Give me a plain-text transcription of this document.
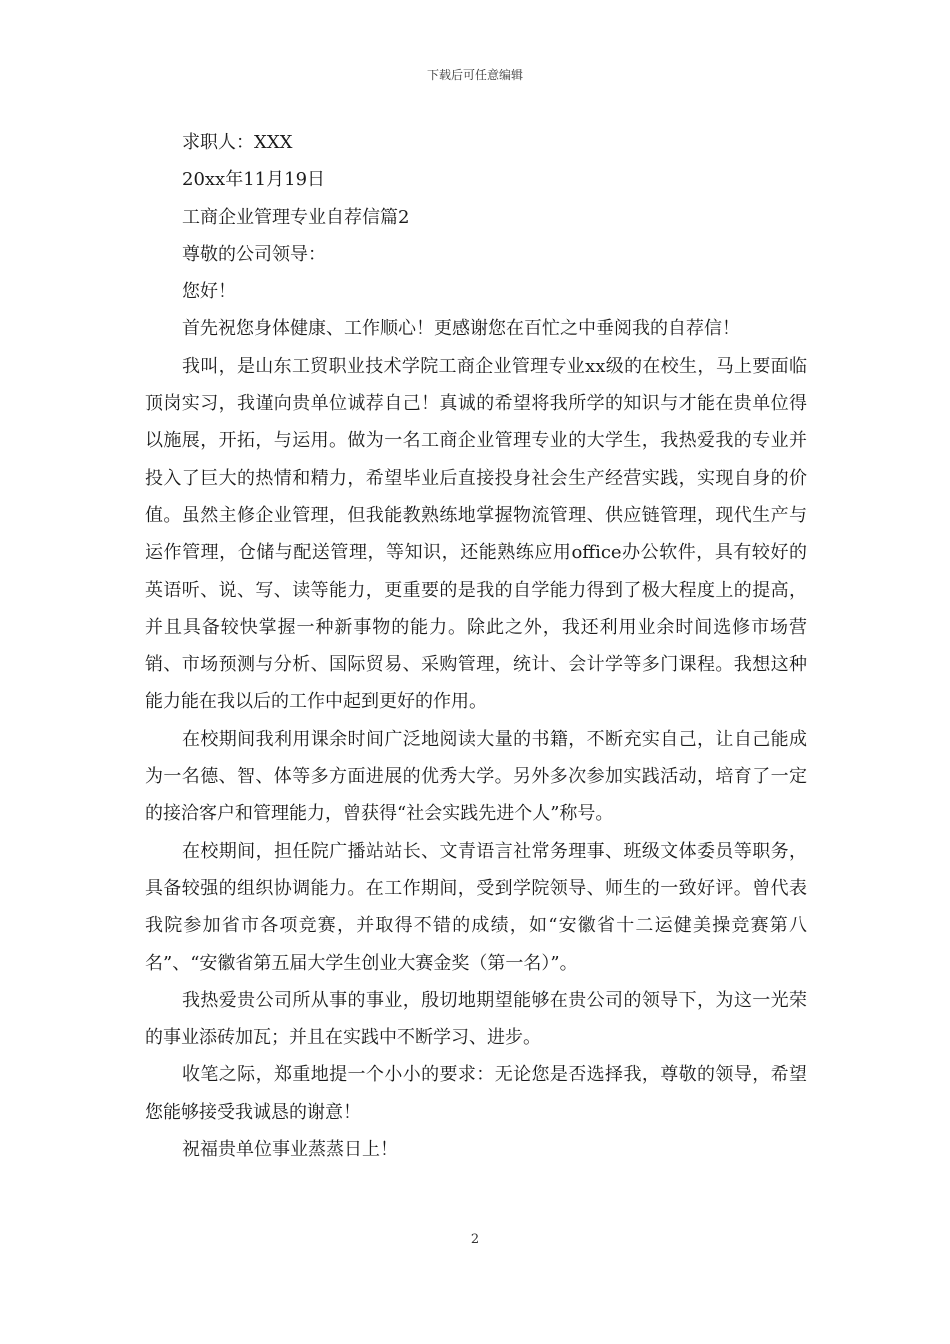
下载后可任意编辑

求职人：XXX

20xx年11月19日

工商企业管理专业自荐信篇2

尊敬的公司领导：

您好！

首先祝您身体健康、工作顺心！更感谢您在百忙之中垂阅我的自荐信！

我叫，是山东工贸职业技术学院工商企业管理专业xx级的在校生，马上要面临顶岗实习，我谨向贵单位诚荐自己！真诚的希望将我所学的知识与才能在贵单位得以施展，开拓，与运用。做为一名工商企业管理专业的大学生，我热爱我的专业并投入了巨大的热情和精力，希望毕业后直接投身社会生产经营实践，实现自身的价值。虽然主修企业管理，但我能教熟练地掌握物流管理、供应链管理，现代生产与运作管理，仓储与配送管理，等知识，还能熟练应用office办公软件，具有较好的英语听、说、写、读等能力，更重要的是我的自学能力得到了极大程度上的提高，并且具备较快掌握一种新事物的能力。除此之外，我还利用业余时间选修市场营销、市场预测与分析、国际贸易、采购管理，统计、会计学等多门课程。我想这种能力能在我以后的工作中起到更好的作用。

在校期间我利用课余时间广泛地阅读大量的书籍，不断充实自己，让自己能成为一名德、智、体等多方面进展的优秀大学。另外多次参加实践活动，培育了一定的接洽客户和管理能力，曾获得“社会实践先进个人”称号。

在校期间，担任院广播站站长、文青语言社常务理事、班级文体委员等职务，具备较强的组织协调能力。在工作期间，受到学院领导、师生的一致好评。曾代表我院参加省市各项竞赛，并取得不错的成绩，如“安徽省十二运健美操竞赛第八名”、“安徽省第五届大学生创业大赛金奖（第一名）”。

我热爱贵公司所从事的事业，殷切地期望能够在贵公司的领导下，为这一光荣的事业添砖加瓦；并且在实践中不断学习、进步。

收笔之际，郑重地提一个小小的要求：无论您是否选择我，尊敬的领导，希望您能够接受我诚恳的谢意！

祝福贵单位事业蒸蒸日上！

2
